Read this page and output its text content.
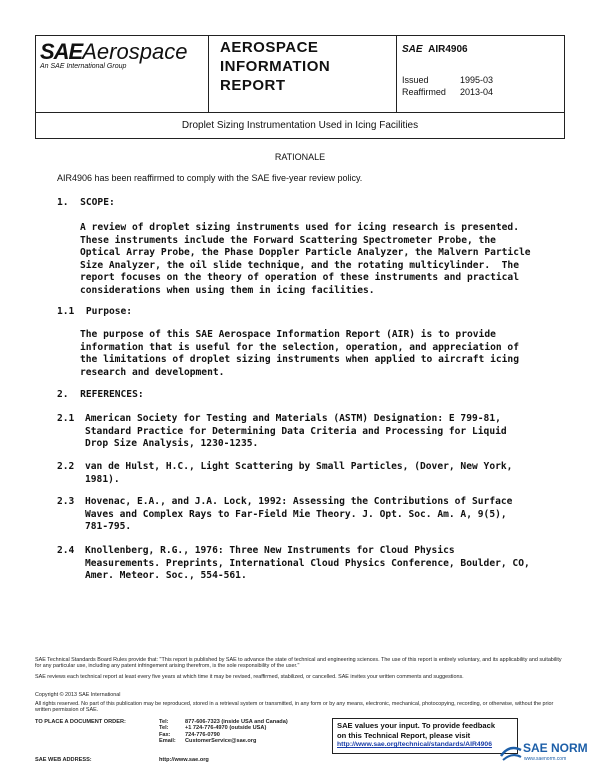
SAEAerospace
An SAE International Group
AEROSPACE
INFORMATION
REPORT
SAE AIR4906
Issued	1995-03
Reaffirmed 2013-04
Droplet Sizing Instrumentation Used in Icing Facilities
RATIONALE
AIR4906 has been reaffirmed to comply with the SAE five-year review policy.
1.  SCOPE:
A review of droplet sizing instruments used for icing research is presented.
These instruments include the Forward Scattering Spectrometer Probe, the
Optical Array Probe, the Phase Doppler Particle Analyzer, the Malvern Particle
Size Analyzer, the oil slide technique, and the rotating multicylinder.  The
report focuses on the theory of operation of these instruments and practical
considerations when using them in icing facilities.
1.1  Purpose:
The purpose of this SAE Aerospace Information Report (AIR) is to provide
information that is useful for the selection, operation, and appreciation of
the limitations of droplet sizing instruments when applied to aircraft icing
research and development.
2.  REFERENCES:
2.1 American Society for Testing and Materials (ASTM) Designation: E 799-81,
Standard Practice for Determining Data Criteria and Processing for Liquid
Drop Size Analysis, 1230-1235.
2.2 van de Hulst, H.C., Light Scattering by Small Particles, (Dover, New York,
1981).
2.3 Hovenac, E.A., and J.A. Lock, 1992: Assessing the Contributions of Surface
Waves and Complex Rays to Far-Field Mie Theory. J. Opt. Soc. Am. A, 9(5),
781-795.
2.4 Knollenberg, R.G., 1976: Three New Instruments for Cloud Physics
Measurements. Preprints, International Cloud Physics Conference, Boulder, CO,
Amer. Meteor. Soc., 554-561.
SAE Technical Standards Board Rules provide that: "This report is published by SAE to advance the state of technical and engineering sciences. The use of this report is entirely voluntary, and its applicability and suitability for any particular use, including any patent infringement arising therefrom, is the sole responsibility of the user."
SAE reviews each technical report at least every five years at which time it may be revised, reaffirmed, stabilized, or cancelled. SAE invites your written comments and suggestions.
Copyright © 2013 SAE International
All rights reserved. No part of this publication may be reproduced, stored in a retrieval system or transmitted, in any form or by any means, electronic, mechanical, photocopying, recording, or otherwise, without the prior written permission of SAE.
TO PLACE A DOCUMENT ORDER:	Tel:	877-606-7323 (inside USA and Canada)
Tel:	+1 724-776-4970 (outside USA)
Fax:	724-776-0790
Email: CustomerService@sae.org
SAE WEB ADDRESS:	http://www.sae.org
SAE values your input. To provide feedback
on this Technical Report, please visit
http://www.sae.org/technical/standards/AIR4906	SAE NORM
www.saenorm.com
